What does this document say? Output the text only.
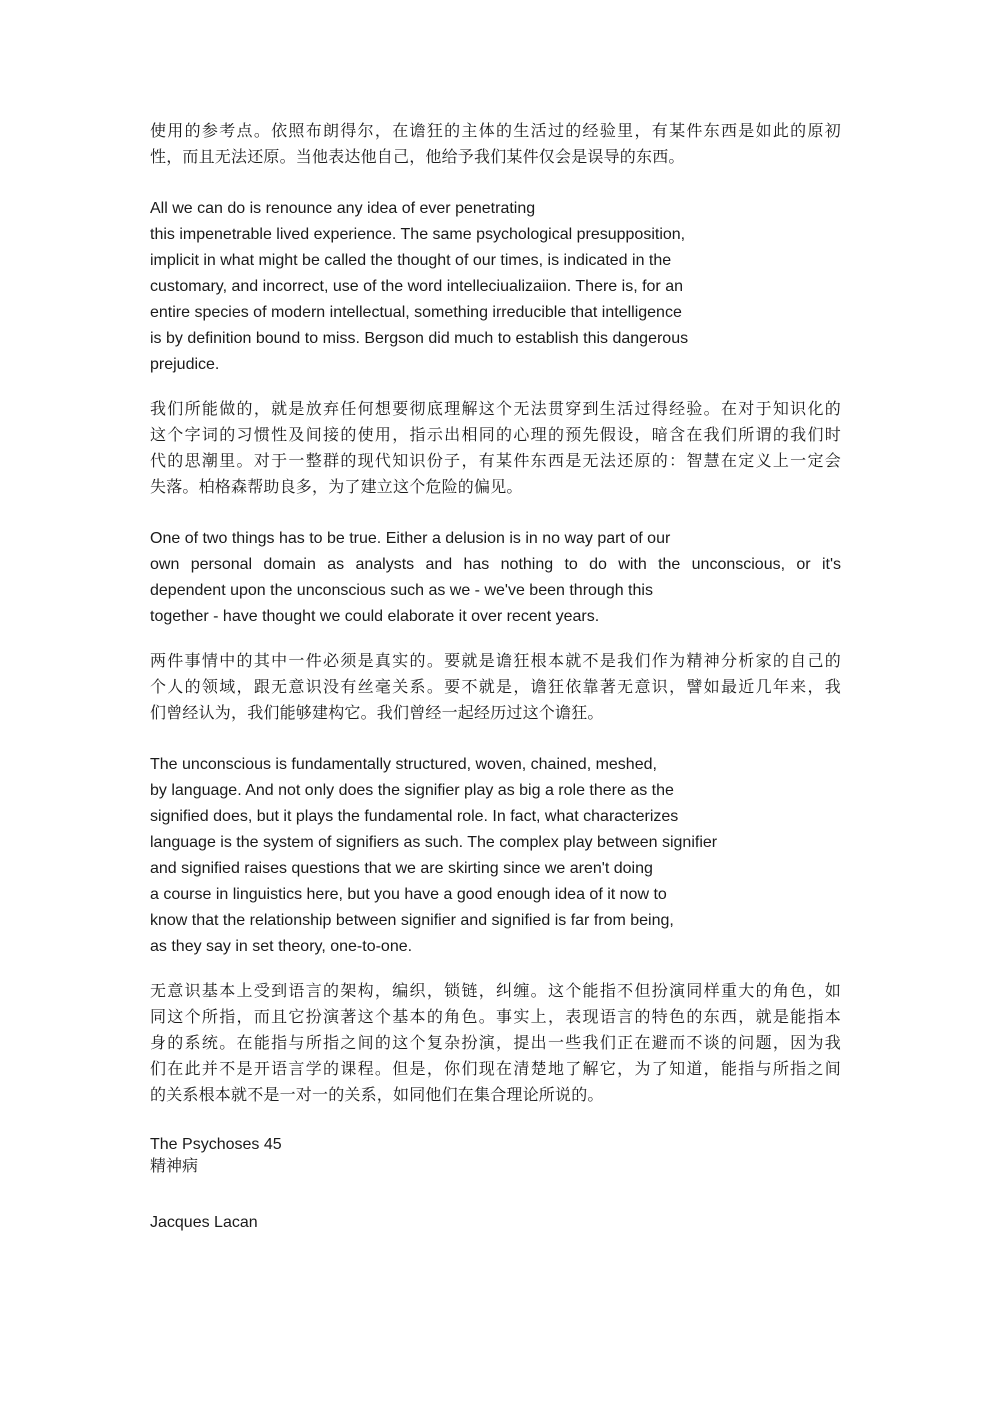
使用的参考点。依照布朗得尔，在谵狂的主体的生活过的经验里，有某件东西是如此的原初
性，而且无法还原。当他表达他自己，他给予我们某件仅会是误导的东西。

All we can do is renounce any idea of ever penetrating
this impenetrable lived experience. The same psychological presupposition,
implicit in what might be called the thought of our times, is indicated in the
customary, and incorrect, use of the word intelleciualizaiion. There is, for an
entire species of modern intellectual, something irreducible that intelligence
is by definition bound to miss. Bergson did much to establish this dangerous
prejudice.

我们所能做的，就是放弃任何想要彻底理解这个无法贯穿到生活过得经验。在对于知识化的
这个字词的习惯性及间接的使用，指示出相同的心理的预先假设，暗含在我们所谓的我们时
代的思潮里。对于一整群的现代知识份子，有某件东西是无法还原的：智慧在定义上一定会
失落。柏格森帮助良多，为了建立这个危险的偏见。

One of two things has to be true. Either a delusion is in no way part of our
own personal domain as analysts and has nothing to do with the unconscious, or it's
dependent upon the unconscious such as we - we've been through this
together - have thought we could elaborate it over recent years.

两件事情中的其中一件必须是真实的。要就是谵狂根本就不是我们作为精神分析家的自己的
个人的领域，跟无意识没有丝毫关系。要不就是，谵狂依靠著无意识，譬如最近几年来，我
们曾经认为，我们能够建构它。我们曾经一起经历过这个谵狂。

The unconscious is fundamentally structured, woven, chained, meshed,
by language. And not only does the signifier play as big a role there as the
signified does, but it plays the fundamental role. In fact, what characterizes
language is the system of signifiers as such. The complex play between signifier
and signified raises questions that we are skirting since we aren't doing
a course in linguistics here, but you have a good enough idea of it now to
know that the relationship between signifier and signified is far from being,
as they say in set theory, one-to-one.

无意识基本上受到语言的架构，编织，锁链，纠缠。这个能指不但扮演同样重大的角色，如
同这个所指，而且它扮演著这个基本的角色。事实上，表现语言的特色的东西，就是能指本
身的系统。在能指与所指之间的这个复杂扮演，提出一些我们正在避而不谈的问题，因为我
们在此并不是开语言学的课程。但是，你们现在清楚地了解它，为了知道，能指与所指之间
的关系根本就不是一对一的关系，如同他们在集合理论所说的。

The Psychoses 45
精神病
Jacques Lacan
